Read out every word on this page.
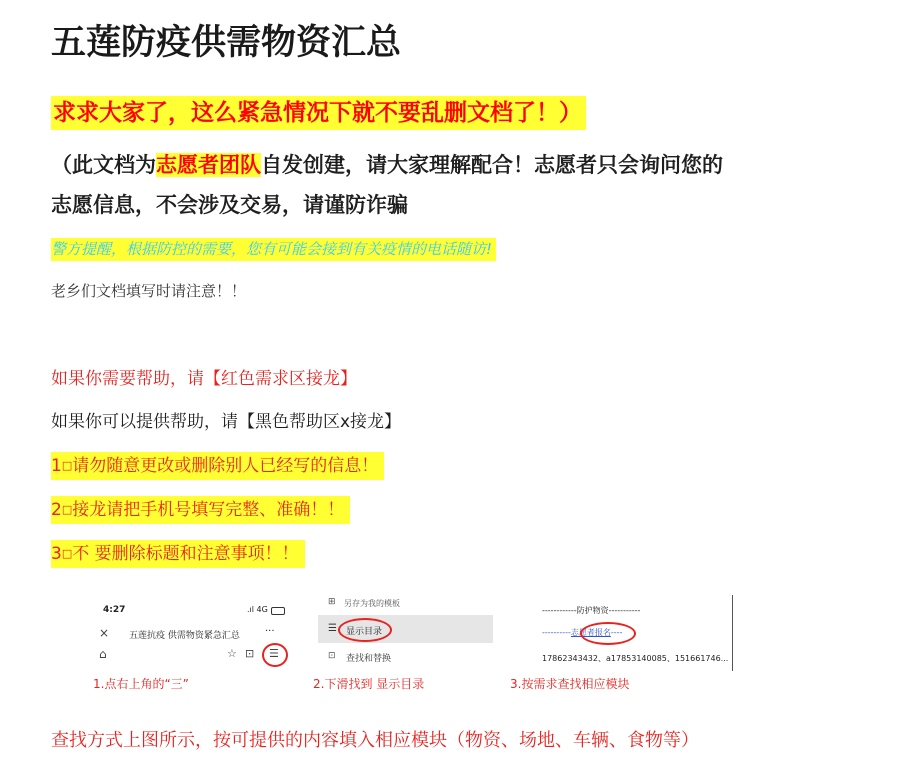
五莲防疫供需物资汇总
求求大家了，这么紧急情况下就不要乱删文档了！）
（此文档为志愿者团队自发创建，请大家理解配合！志愿者只会询问您的
志愿信息，不会涉及交易，请谨防诈骗
警方提醒，根据防控的需要，您有可能会接到有关疫情的电话随访!
老乡们文档填写时请注意！！
如果你需要帮助，请【红色需求区接龙】
如果你可以提供帮助，请【黑色帮助区x接龙】
1□请勿随意更改或删除别人已经写的信息！
2□接龙请把手机号填写完整、准确！！
3□不 要删除标题和注意事项！！
4:27	.ıl 4G
× 五莲抗疫 供需物资紧急汇总	···
⌂	☆ ⊡ ☰
1.点右上角的“三”
⊞ 另存为我的模板
☰ 显示目录
⊡ 查找和替换
2.下滑找到 显示目录
------------防护物资-----------
----------志愿者报名----
17862343432、a17853140085、151661746...
3.按需求查找相应模块
查找方式上图所示，按可提供的内容填入相应模块（物资、场地、车辆、食物等）
